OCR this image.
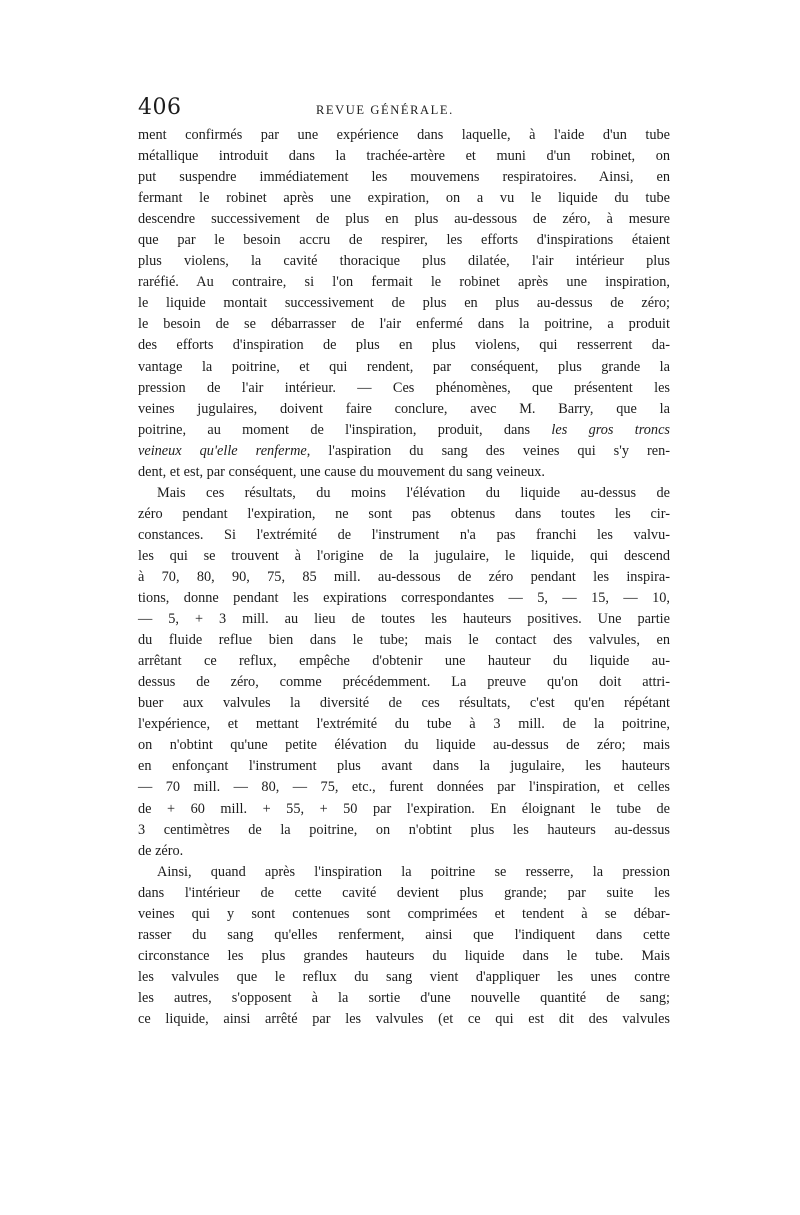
406	REVUE GÉNÉRALE.
ment confirmés par une expérience dans laquelle, à l'aide d'un tube
métallique introduit dans la trachée-artère et muni d'un robinet, on
put suspendre immédiatement les mouvemens respiratoires. Ainsi, en
fermant le robinet après une expiration, on a vu le liquide du tube
descendre successivement de plus en plus au-dessous de zéro, à mesure
que par le besoin accru de respirer, les efforts d'inspirations étaient
plus violens, la cavité thoracique plus dilatée, l'air intérieur plus
raréfié. Au contraire, si l'on fermait le robinet après une inspiration,
le liquide montait successivement de plus en plus au-dessus de zéro;
le besoin de se débarrasser de l'air enfermé dans la poitrine, a produit
des efforts d'inspiration de plus en plus violens, qui resserrent da-
vantage la poitrine, et qui rendent, par conséquent, plus grande la
pression de l'air intérieur. — Ces phénomènes, que présentent les
veines jugulaires, doivent faire conclure, avec M. Barry, que la
poitrine, au moment de l'inspiration, produit, dans les gros troncs
veineux qu'elle renferme, l'aspiration du sang des veines qui s'y ren-
dent, et est, par conséquent, une cause du mouvement du sang veineux.
Mais ces résultats, du moins l'élévation du liquide au-dessus de
zéro pendant l'expiration, ne sont pas obtenus dans toutes les cir-
constances. Si l'extrémité de l'instrument n'a pas franchi les valvu-
les qui se trouvent à l'origine de la jugulaire, le liquide, qui descend
à 70, 80, 90, 75, 85 mill. au-dessous de zéro pendant les inspira-
tions, donne pendant les expirations correspondantes — 5, — 15, — 10,
— 5, + 3 mill. au lieu de toutes les hauteurs positives. Une partie
du fluide reflue bien dans le tube; mais le contact des valvules, en
arrêtant ce reflux, empêche d'obtenir une hauteur du liquide au-
dessus de zéro, comme précédemment. La preuve qu'on doit attri-
buer aux valvules la diversité de ces résultats, c'est qu'en répétant
l'expérience, et mettant l'extrémité du tube à 3 mill. de la poitrine,
on n'obtint qu'une petite élévation du liquide au-dessus de zéro; mais
en enfonçant l'instrument plus avant dans la jugulaire, les hauteurs
— 70 mill. — 80, — 75, etc., furent données par l'inspiration, et celles
de + 60 mill. + 55, + 50 par l'expiration. En éloignant le tube de
3 centimètres de la poitrine, on n'obtint plus les hauteurs au-dessus
de zéro.
Ainsi, quand après l'inspiration la poitrine se resserre, la pression
dans l'intérieur de cette cavité devient plus grande; par suite les
veines qui y sont contenues sont comprimées et tendent à se débar-
rasser du sang qu'elles renferment, ainsi que l'indiquent dans cette
circonstance les plus grandes hauteurs du liquide dans le tube. Mais
les valvules que le reflux du sang vient d'appliquer les unes contre
les autres, s'opposent à la sortie d'une nouvelle quantité de sang;
ce liquide, ainsi arrêté par les valvules (et ce qui est dit des valvules
